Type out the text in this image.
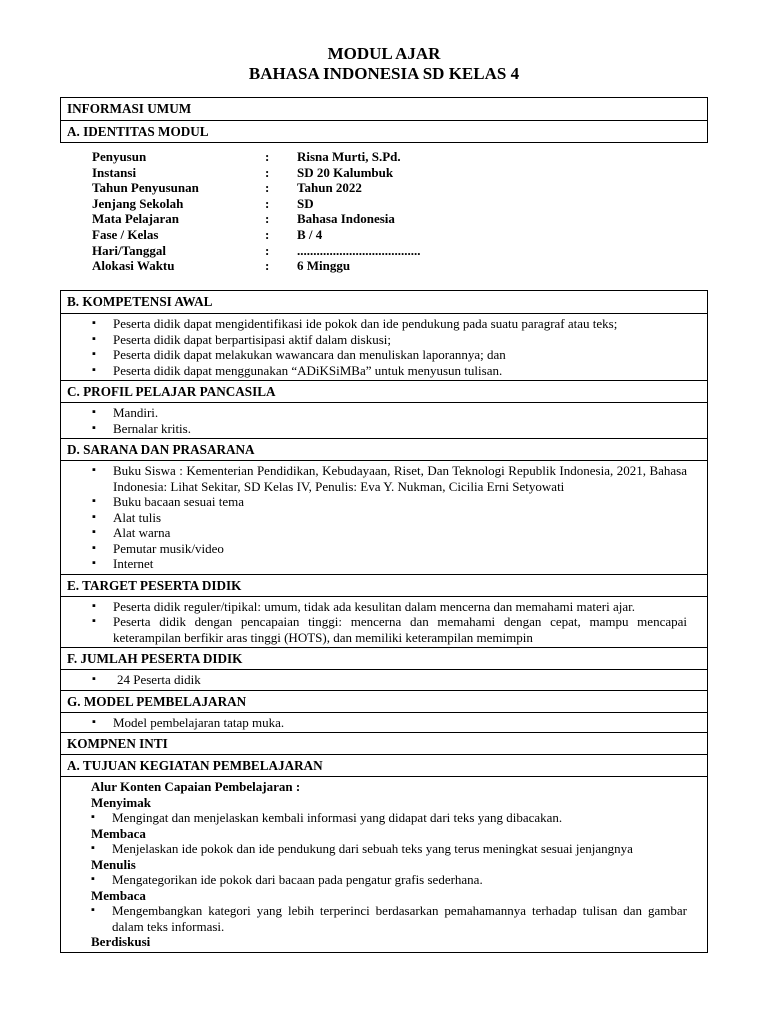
MODUL AJAR
BAHASA INDONESIA SD KELAS 4
INFORMASI UMUM
A. IDENTITAS MODUL
Penyusun	:	Risna Murti, S.Pd.
Instansi	:	SD 20 Kalumbuk
Tahun Penyusunan	:	Tahun 2022
Jenjang Sekolah	:	SD
Mata Pelajaran	:	Bahasa Indonesia
Fase / Kelas	:	B / 4
Hari/Tanggal	:	......................................
Alokasi Waktu	:	6 Minggu
B. KOMPETENSI AWAL
▪ Peserta didik dapat mengidentifikasi ide pokok dan ide pendukung pada suatu paragraf atau teks;
▪ Peserta didik dapat berpartisipasi aktif dalam diskusi;
▪ Peserta didik dapat melakukan wawancara dan menuliskan laporannya; dan
▪ Peserta didik dapat menggunakan “ADiKSiMBa” untuk menyusun tulisan.
C. PROFIL PELAJAR PANCASILA
▪ Mandiri.
▪ Bernalar kritis.
D. SARANA DAN PRASARANA
▪ Buku Siswa : Kementerian Pendidikan, Kebudayaan, Riset, Dan Teknologi Republik Indonesia, 2021, Bahasa Indonesia: Lihat Sekitar, SD Kelas IV, Penulis: Eva Y. Nukman, Cicilia Erni Setyowati
▪ Buku bacaan sesuai tema
▪ Alat tulis
▪ Alat warna
▪ Pemutar musik/video
▪ Internet
E. TARGET PESERTA DIDIK
▪ Peserta didik reguler/tipikal: umum, tidak ada kesulitan dalam mencerna dan memahami materi ajar.
▪ Peserta didik dengan pencapaian tinggi: mencerna dan memahami dengan cepat, mampu mencapai keterampilan berfikir aras tinggi (HOTS), dan memiliki keterampilan memimpin
F. JUMLAH PESERTA DIDIK
▪ 24 Peserta didik
G. MODEL PEMBELAJARAN
▪ Model pembelajaran tatap muka.
KOMPNEN INTI
A. TUJUAN KEGIATAN PEMBELAJARAN
Alur Konten Capaian Pembelajaran :
Menyimak
▪ Mengingat dan menjelaskan kembali informasi yang didapat dari teks yang dibacakan.
Membaca
▪ Menjelaskan ide pokok dan ide pendukung dari sebuah teks yang terus meningkat sesuai jenjangnya
Menulis
▪ Mengategorikan ide pokok dari bacaan pada pengatur grafis sederhana.
Membaca
▪ Mengembangkan kategori yang lebih terperinci berdasarkan pemahamannya terhadap tulisan dan gambar dalam teks informasi.
Berdiskusi
